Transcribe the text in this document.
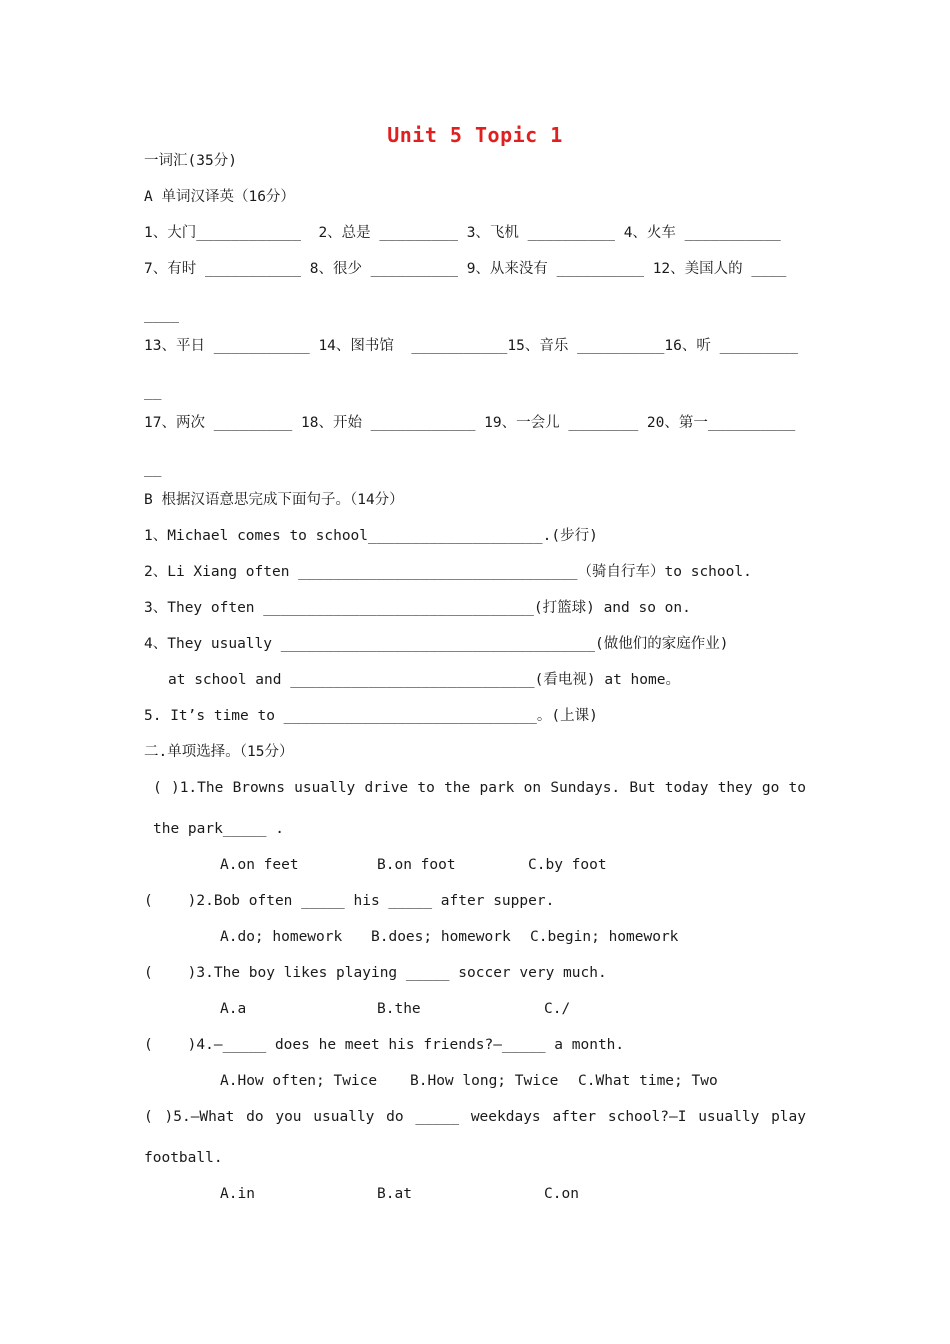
Unit 5 Topic 1
一词汇(35分)
A 单词汉译英（16分）
1、大门____________  2、总是 _________ 3、飞机 __________ 4、火车 ___________
7、有时 ___________ 8、很少 __________ 9、从来没有 __________ 12、美国人的 ____
____
13、平日 ___________ 14、图书馆  ___________15、音乐 __________16、听 _________
__
17、两次 _________ 18、开始 ____________ 19、一会儿 ________ 20、第一__________
__
B 根据汉语意思完成下面句子。（14分）
1、Michael comes to school____________________.(步行)
2、Li Xiang often ________________________________（骑自行车）to school.
3、They often _______________________________(打篮球) and so on.
4、They usually ____________________________________(做他们的家庭作业)
at school and ____________________________(看电视) at home。
5. It’s time to _____________________________。(上课)
二.单项选择。（15分）
( )1.The Browns usually drive to the park on Sundays. But today they go to
the park_____ .
A.on feet	B.on foot	C.by foot
(    )2.Bob often _____ his _____ after supper.
A.do; homework B.does; homework C.begin; homework
(    )3.The boy likes playing _____ soccer very much.
A.a	B.the	C./
(    )4.—_____ does he meet his friends?—_____ a month.
A.How often; Twice B.How long; Twice C.What time; Two
( )5.—What do you usually do _____ weekdays after school?—I usually play
football.
A.in	B.at	C.on
